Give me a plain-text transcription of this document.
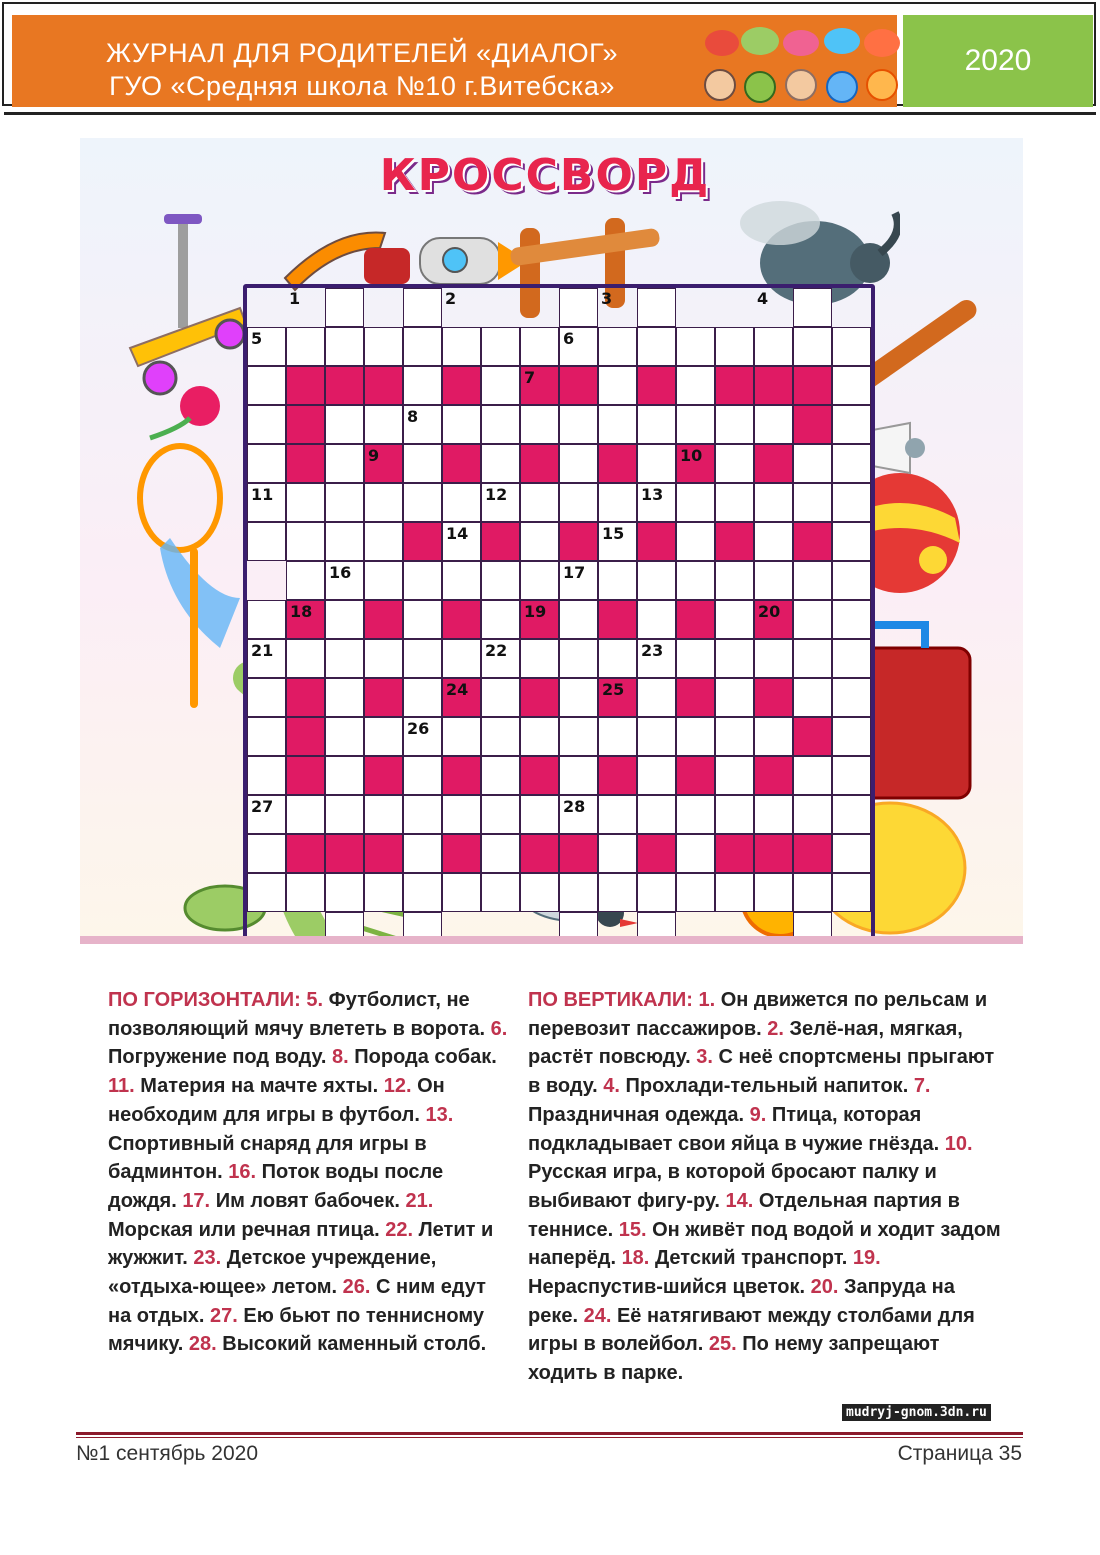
ЖУРНАЛ ДЛЯ РОДИТЕЛЕЙ «ДИАЛОГ»
ГУО «Средняя школа №10 г.Витебска»
2020
КРОССВОРД
1	2	3	4
5	6
7
8
9	10
11	12	13
14	15
16	17
18	19	20
21	22	23
24	25
26
27	28
ПО ГОРИЗОНТАЛИ: 5. Футболист, не позволяющий мячу влететь в ворота. 6. Погружение под воду. 8. Порода собак. 11. Материя на мачте яхты. 12. Он необходим для игры в футбол. 13. Спортивный снаряд для игры в бадминтон. 16. Поток воды после дождя. 17. Им ловят бабочек. 21. Морская или речная птица. 22. Летит и жужжит. 23. Детское учреждение, «отдыха-ющее» летом. 26. С ним едут на отдых. 27. Ею бьют по теннисному мячику. 28. Высокий каменный столб.
ПО ВЕРТИКАЛИ: 1. Он движется по рельсам и перевозит пассажиров. 2. Зелё-ная, мягкая, растёт повсюду. 3. С неё спортсмены прыгают в воду. 4. Прохлади-тельный напиток. 7. Праздничная одежда. 9. Птица, которая подкладывает свои яйца в чужие гнёзда. 10. Русская игра, в которой бросают палку и выбивают фигу-ру. 14. Отдельная партия в теннисе. 15. Он живёт под водой и ходит задом наперёд. 18. Детский транспорт. 19. Нераспустив-шийся цветок. 20. Запруда на реке. 24. Её натягивают между столбами для игры в волейбол. 25. По нему запрещают ходить в парке.
mudryj-gnom.3dn.ru
№1 сентябрь 2020	Страница 35
